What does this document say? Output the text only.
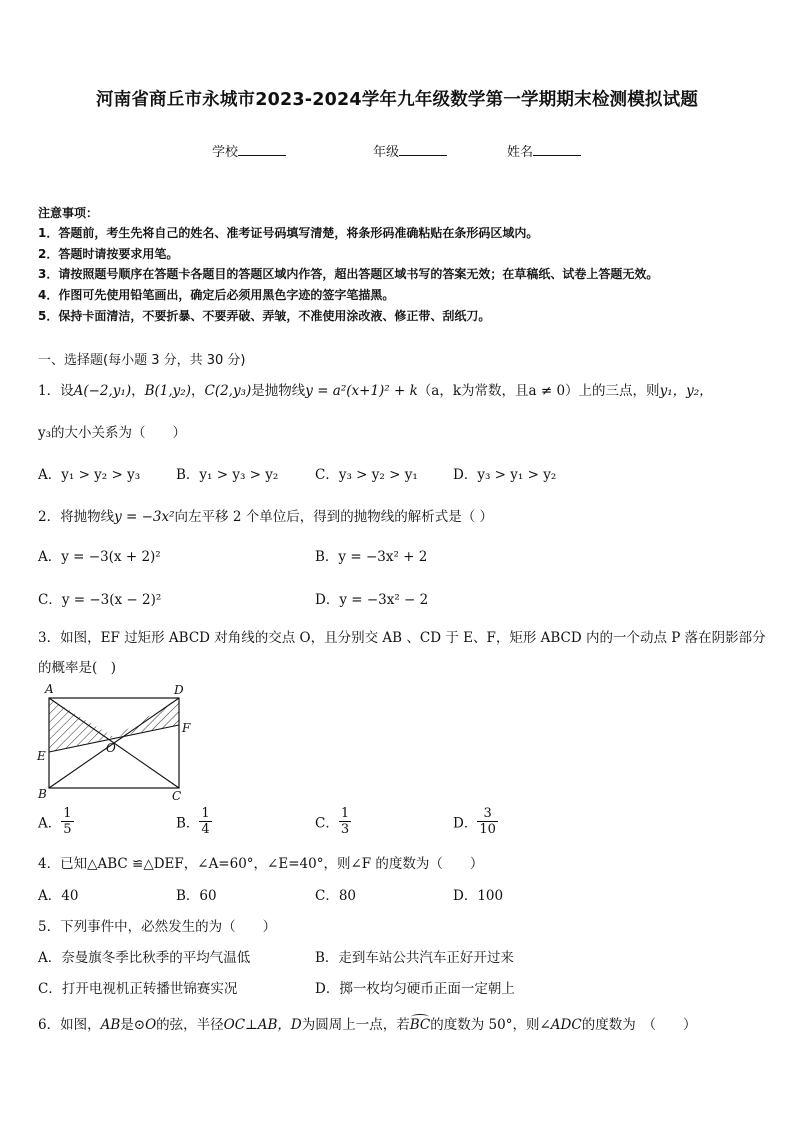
河南省商丘市永城市2023-2024学年九年级数学第一学期期末检测模拟试题
学校	年级	姓名
注意事项：
1．答题前，考生先将自己的姓名、准考证号码填写清楚，将条形码准确粘贴在条形码区域内。
2．答题时请按要求用笔。
3．请按照题号顺序在答题卡各题目的答题区域内作答，超出答题区域书写的答案无效；在草稿纸、试卷上答题无效。
4．作图可先使用铅笔画出，确定后必须用黑色字迹的签字笔描黑。
5．保持卡面清洁，不要折暴、不要弄破、弄皱，不准使用涂改液、修正带、刮纸刀。
一、选择题(每小题 3 分，共 30 分)
1．设A(−2,y₁)，B(1,y₂)，C(2,y₃)是抛物线y = a²(x+1)² + k（a，k为常数，且a ≠ 0）上的三点，则y₁，y₂，
y₃的大小关系为（　　）
A．y₁ > y₂ > y₃	B．y₁ > y₃ > y₂	C．y₃ > y₂ > y₁	D．y₃ > y₁ > y₂
2．将抛物线y = −3x²向左平移 2 个单位后，得到的抛物线的解析式是（ ）
A．y = −3(x + 2)²	B．y = −3x² + 2
C．y = −3(x − 2)²	D．y = −3x² − 2
3．如图，EF 过矩形 ABCD 对角线的交点 O，且分别交 AB 、CD 于 E、F，矩形 ABCD 内的一个动点 P 落在阴影部分
的概率是(　)
A	D
F
O
E
B	C
A． $\frac{1}{5}$	B． $\frac{1}{4}$	C． $\frac{1}{3}$	D． $\frac{3}{10}$
4．已知△ABC ≌△DEF，∠A=60°，∠E=40°，则∠F 的度数为（　　）
A．40	B．60	C．80	D．100
5．下列事件中，必然发生的为（　　）
A．奈曼旗冬季比秋季的平均气温低	B．走到车站公共汽车正好开过来
C．打开电视机正转播世锦赛实况	D．掷一枚均匀硬币正面一定朝上
6．如图，AB是⊙O的弦，半径OC⊥AB，D为圆周上一点，若BC的度数为 50°，则∠ADC的度数为　（　　）
